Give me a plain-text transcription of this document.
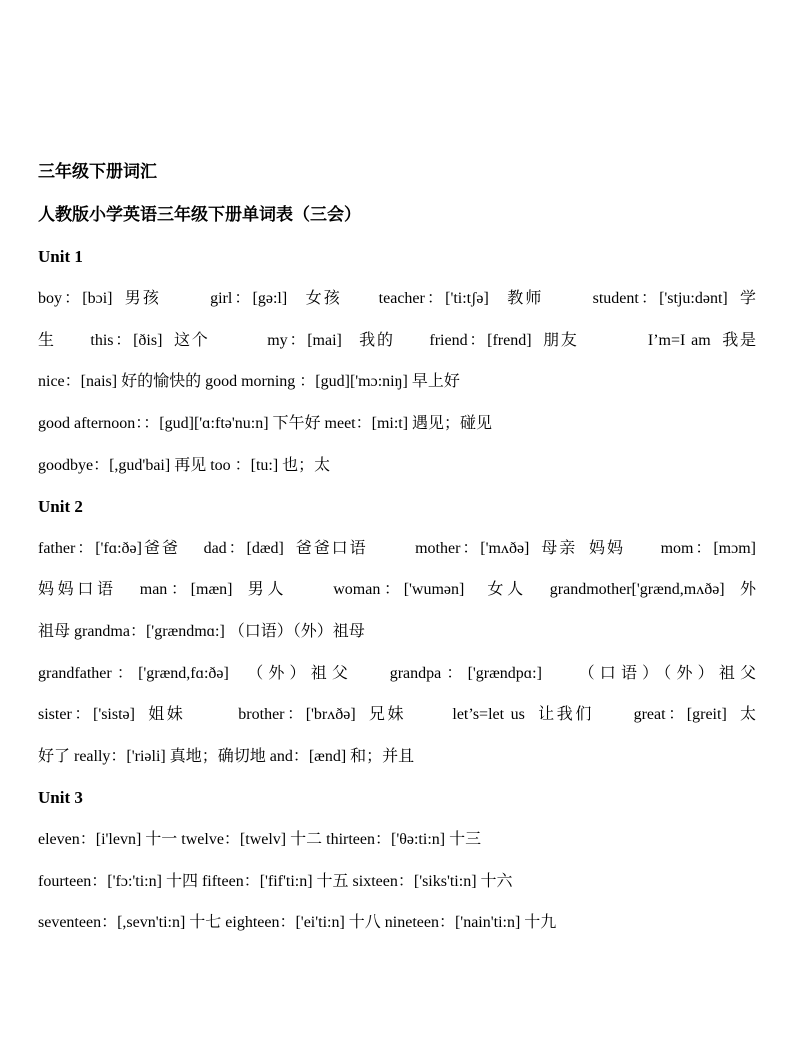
三年级下册词汇
人教版小学英语三年级下册单词表（三会）
Unit 1
boy：[bɔi]  男孩        girl：[gə:l]   女孩      teacher：['ti:tʃə]   教师        student：['stju:dənt]  学
生      this：[ðis]  这个          my：[mai]   我的      friend：[frend]  朋友            I’m=I am  我是
nice：[nais] 好的愉快的 good morning ：[gud]['mɔ:niŋ] 早上好
good afternoon：：[gud]['ɑ:ftə'nu:n] 下午好 meet：[mi:t] 遇见；碰见
goodbye：[,gud'bai] 再见 too ：[tu:] 也；太
Unit 2
father：['fɑ:ðə]爸爸    dad：[dæd]  爸爸口语        mother：['mʌðə]  母亲  妈妈      mom：[mɔm]
妈妈口语   man：[mæn]  男人      woman：['wumən]   女人   grandmother['grænd,mʌðə]  外
祖母 grandma：['grændmɑ:] （口语）（外）祖母
grandfather：['grænd,fɑ:ðə]  （外）祖父    grandpa：['grændpɑ:]    （口语）（外）祖父
sister：['sistə]  姐妹        brother：['brʌðə]  兄妹       let’s=let us  让我们      great：[greit]  太
好了 really：['riəli] 真地；确切地 and：[ænd] 和；并且
Unit 3
eleven：[i'levn] 十一 twelve：[twelv] 十二 thirteen：['θə:ti:n] 十三
fourteen：['fɔ:'ti:n] 十四 fifteen：['fif'ti:n] 十五 sixteen：['siks'ti:n] 十六
seventeen：[,sevn'ti:n] 十七 eighteen：['ei'ti:n] 十八 nineteen：['nain'ti:n] 十九
